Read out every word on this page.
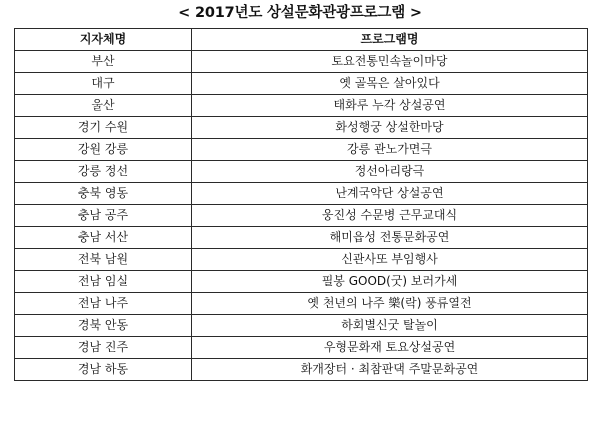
< 2017년도 상설문화관광프로그램 >
지자체명	프로그램명
부산	토요전통민속놀이마당
대구	옛 골목은 살아있다
울산	태화루 누각 상설공연
경기 수원	화성행궁 상설한마당
강원 강릉	강릉 관노가면극
강릉 정선	정선아리랑극
충북 영동	난계국악단 상설공연
충남 공주	웅진성 수문병 근무교대식
충남 서산	해미읍성 전통문화공연
전북 남원	신관사또 부임행사
전남 임실	필봉 GOOD(굿) 보러가세
전남 나주	옛 천년의 나주 樂(락) 풍류열전
경북 안동	하회별신굿 탈놀이
경남 진주	우형문화재 토요상설공연
경남 하동	화개장터 · 최참판댁 주말문화공연
